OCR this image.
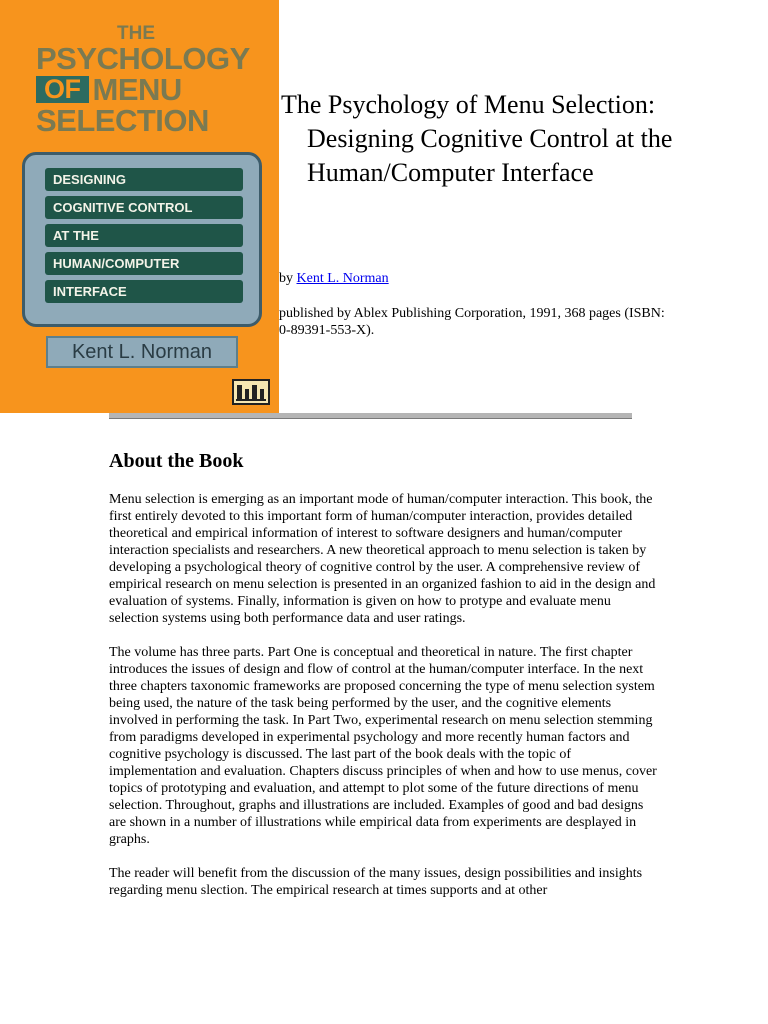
THE
PSYCHOLOGY
OF MENU
SELECTION
DESIGNING
COGNITIVE CONTROL
AT THE
HUMAN/COMPUTER
INTERFACE
Kent L. Norman
The Psychology of Menu Selection: Designing Cognitive Control at the Human/Computer Interface

by Kent L. Norman

published by Ablex Publishing Corporation, 1991, 368 pages (ISBN: 0-89391-553-X).

About the Book

Menu selection is emerging as an important mode of human/computer interaction. This book, the first entirely devoted to this important form of human/computer interaction, provides detailed theoretical and empirical information of interest to software designers and human/computer interaction specialists and researchers. A new theoretical approach to menu selection is taken by developing a psychological theory of cognitive control by the user. A comprehensive review of empirical research on menu selection is presented in an organized fashion to aid in the design and evaluation of systems. Finally, information is given on how to protype and evaluate menu selection systems using both performance data and user ratings.

The volume has three parts. Part One is conceptual and theoretical in nature. The first chapter introduces the issues of design and flow of control at the human/computer interface. In the next three chapters taxonomic frameworks are proposed concerning the type of menu selection system being used, the nature of the task being performed by the user, and the cognitive elements involved in performing the task. In Part Two, experimental research on menu selection stemming from paradigms developed in experimental psychology and more recently human factors and cognitive psychology is discussed. The last part of the book deals with the topic of implementation and evaluation. Chapters discuss principles of when and how to use menus, cover topics of prototyping and evaluation, and attempt to plot some of the future directions of menu selection. Throughout, graphs and illustrations are included. Examples of good and bad designs are shown in a number of illustrations while empirical data from experiments are desplayed in graphs.

The reader will benefit from the discussion of the many issues, design possibilities and insights regarding menu slection. The empirical research at times supports and at other
